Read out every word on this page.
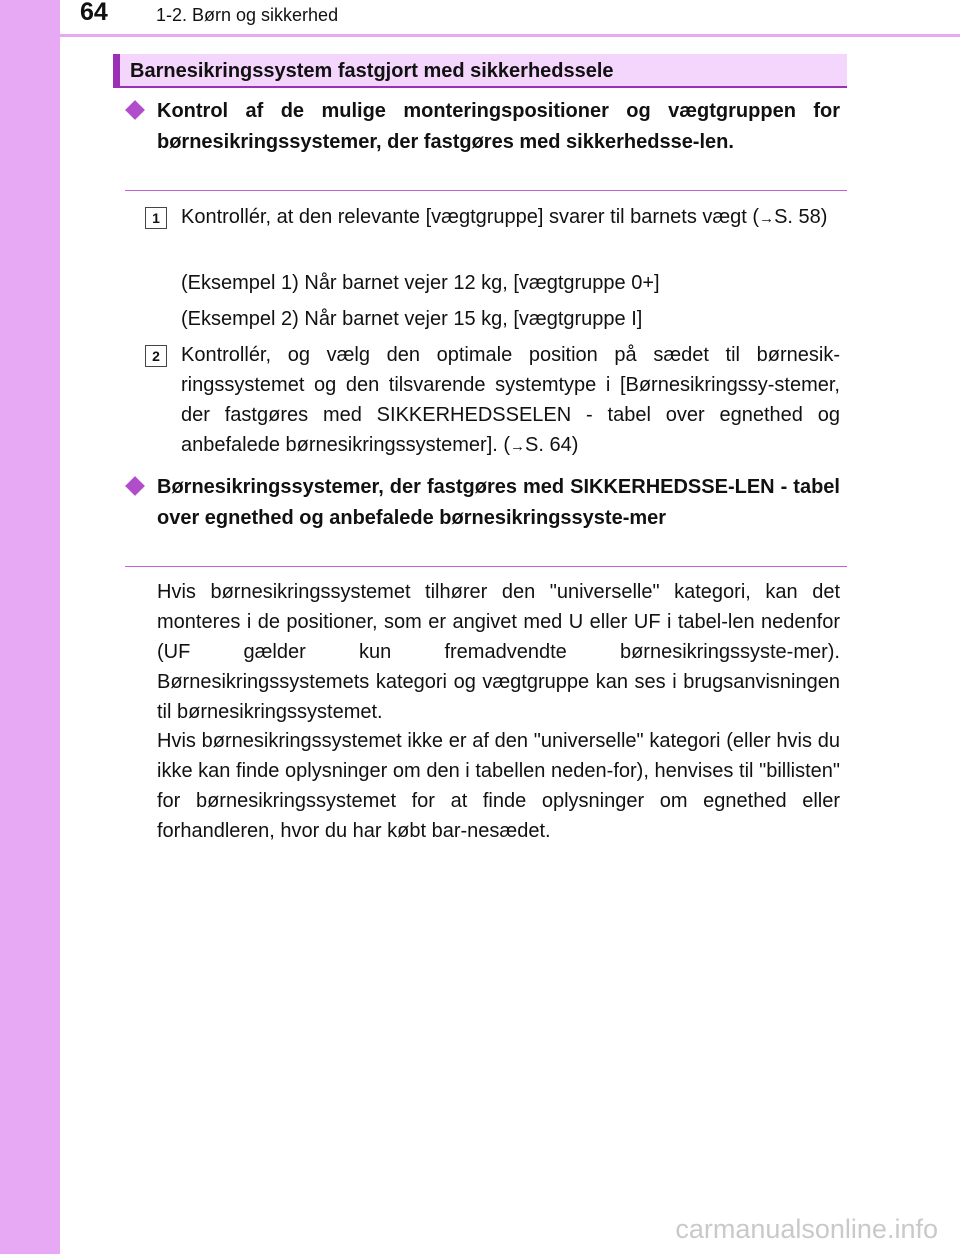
64	1-2. Børn og sikkerhed
Barnesikringssystem fastgjort med sikkerhedssele
Kontrol af de mulige monteringspositioner og vægtgruppen for børnesikringssystemer, der fastgøres med sikkerhedsse-len.
1	Kontrollér, at den relevante [vægtgruppe] svarer til barnets vægt (→S. 58)
(Eksempel 1) Når barnet vejer 12 kg, [vægtgruppe 0+]
(Eksempel 2) Når barnet vejer 15 kg, [vægtgruppe I]
2	Kontrollér, og vælg den optimale position på sædet til børnesik-ringssystemet og den tilsvarende systemtype i [Børnesikringssy-stemer, der fastgøres med SIKKERHEDSSELEN - tabel over egnethed og anbefalede børnesikringssystemer]. (→S. 64)
Børnesikringssystemer, der fastgøres med SIKKERHEDSSE-LEN - tabel over egnethed og anbefalede børnesikringssyste-mer
Hvis børnesikringssystemet tilhører den "universelle" kategori, kan det monteres i de positioner, som er angivet med U eller UF i tabel-len nedenfor (UF gælder kun fremadvendte børnesikringssyste-mer). Børnesikringssystemets kategori og vægtgruppe kan ses i brugsanvisningen til børnesikringssystemet.
Hvis børnesikringssystemet ikke er af den "universelle" kategori (eller hvis du ikke kan finde oplysninger om den i tabellen neden-for), henvises til "billisten" for børnesikringssystemet for at finde oplysninger om egnethed eller forhandleren, hvor du har købt bar-nesædet.
carmanualsonline.info
